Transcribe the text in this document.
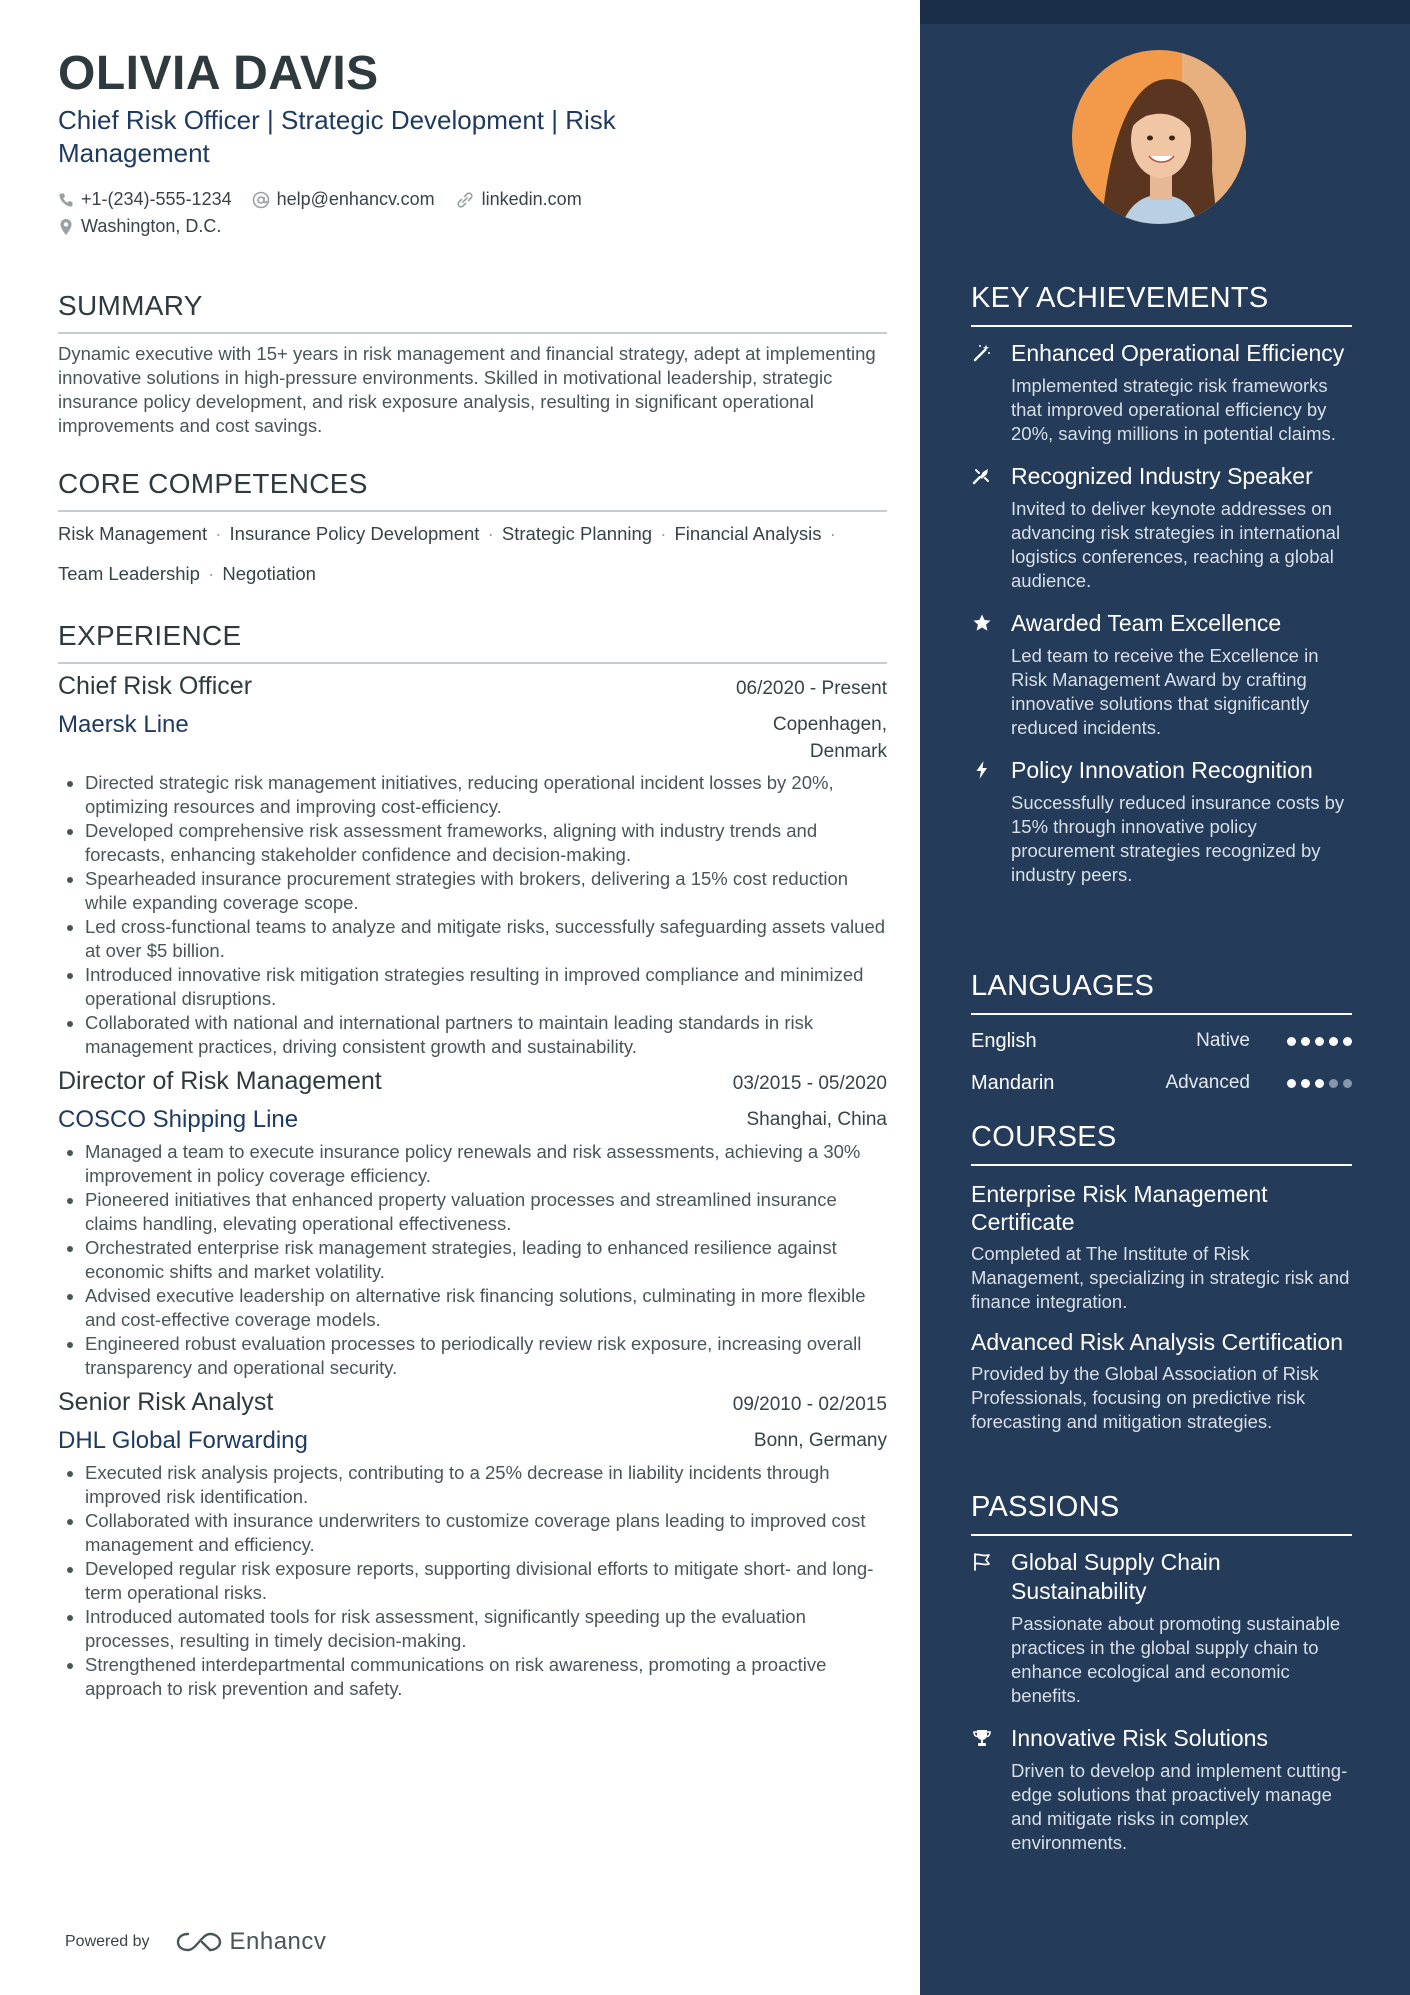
OLIVIA DAVIS
Chief Risk Officer | Strategic Development | Risk Management
+1-(234)-555-1234	help@enhancv.com	linkedin.com
Washington, D.C.
SUMMARY
Dynamic executive with 15+ years in risk management and financial strategy, adept at implementing innovative solutions in high-pressure environments. Skilled in motivational leadership, strategic insurance policy development, and risk exposure analysis, resulting in significant operational improvements and cost savings.
CORE COMPETENCES
Risk Management · Insurance Policy Development · Strategic Planning · Financial Analysis · Team Leadership · Negotiation
EXPERIENCE
Chief Risk Officer	06/2020 - Present
Maersk Line	Copenhagen, Denmark
• Directed strategic risk management initiatives, reducing operational incident losses by 20%, optimizing resources and improving cost-efficiency.
• Developed comprehensive risk assessment frameworks, aligning with industry trends and forecasts, enhancing stakeholder confidence and decision-making.
• Spearheaded insurance procurement strategies with brokers, delivering a 15% cost reduction while expanding coverage scope.
• Led cross-functional teams to analyze and mitigate risks, successfully safeguarding assets valued at over $5 billion.
• Introduced innovative risk mitigation strategies resulting in improved compliance and minimized operational disruptions.
• Collaborated with national and international partners to maintain leading standards in risk management practices, driving consistent growth and sustainability.
Director of Risk Management	03/2015 - 05/2020
COSCO Shipping Line	Shanghai, China
• Managed a team to execute insurance policy renewals and risk assessments, achieving a 30% improvement in policy coverage efficiency.
• Pioneered initiatives that enhanced property valuation processes and streamlined insurance claims handling, elevating operational effectiveness.
• Orchestrated enterprise risk management strategies, leading to enhanced resilience against economic shifts and market volatility.
• Advised executive leadership on alternative risk financing solutions, culminating in more flexible and cost-effective coverage models.
• Engineered robust evaluation processes to periodically review risk exposure, increasing overall transparency and operational security.
Senior Risk Analyst	09/2010 - 02/2015
DHL Global Forwarding	Bonn, Germany
• Executed risk analysis projects, contributing to a 25% decrease in liability incidents through improved risk identification.
• Collaborated with insurance underwriters to customize coverage plans leading to improved cost management and efficiency.
• Developed regular risk exposure reports, supporting divisional efforts to mitigate short- and long-term operational risks.
• Introduced automated tools for risk assessment, significantly speeding up the evaluation processes, resulting in timely decision-making.
• Strengthened interdepartmental communications on risk awareness, promoting a proactive approach to risk prevention and safety.
Powered by	Enhancv
KEY ACHIEVEMENTS
Enhanced Operational Efficiency
Implemented strategic risk frameworks that improved operational efficiency by 20%, saving millions in potential claims.
Recognized Industry Speaker
Invited to deliver keynote addresses on advancing risk strategies in international logistics conferences, reaching a global audience.
Awarded Team Excellence
Led team to receive the Excellence in Risk Management Award by crafting innovative solutions that significantly reduced incidents.
Policy Innovation Recognition
Successfully reduced insurance costs by 15% through innovative policy procurement strategies recognized by industry peers.
LANGUAGES
English	Native
Mandarin	Advanced
COURSES
Enterprise Risk Management Certificate
Completed at The Institute of Risk Management, specializing in strategic risk and finance integration.
Advanced Risk Analysis Certification
Provided by the Global Association of Risk Professionals, focusing on predictive risk forecasting and mitigation strategies.
PASSIONS
Global Supply Chain Sustainability
Passionate about promoting sustainable practices in the global supply chain to enhance ecological and economic benefits.
Innovative Risk Solutions
Driven to develop and implement cutting-edge solutions that proactively manage and mitigate risks in complex environments.
